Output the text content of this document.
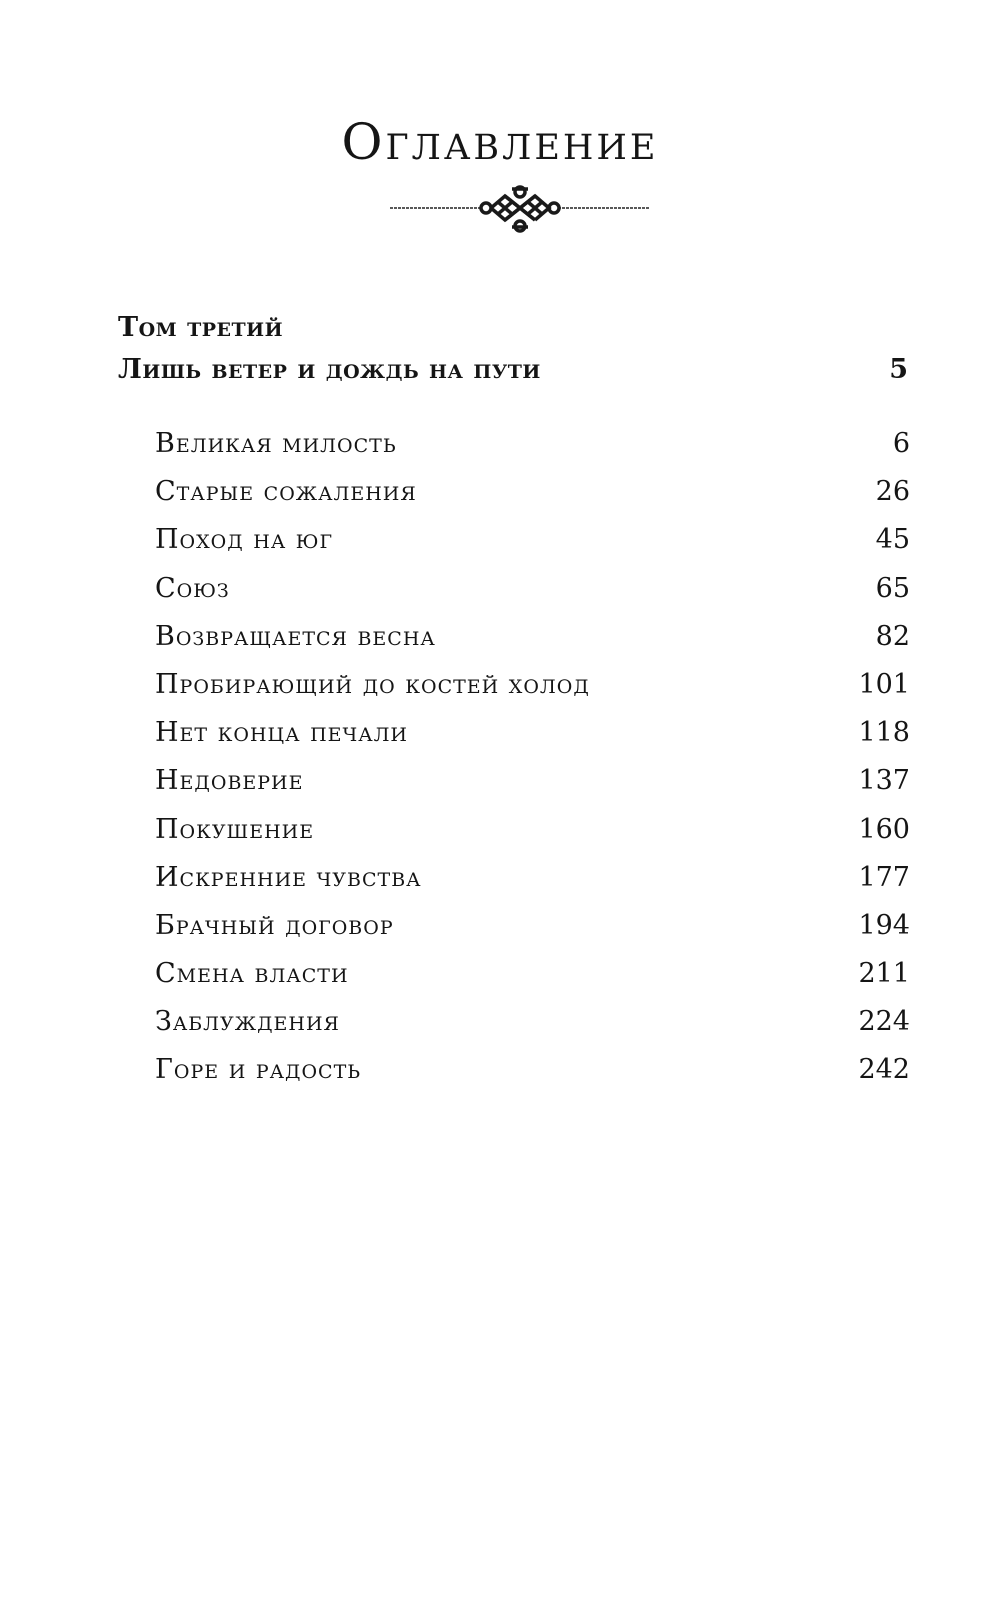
Оглавление
Том третий
Лишь ветер и дождь на пути	5
Великая милость	6
Старые сожаления	26
Поход на юг	45
Союз	65
Возвращается весна	82
Пробирающий до костей холод	101
Нет конца печали	118
Недоверие	137
Покушение	160
Искренние чувства	177
Брачный договор	194
Смена власти	211
Заблуждения	224
Горе и радость	242
